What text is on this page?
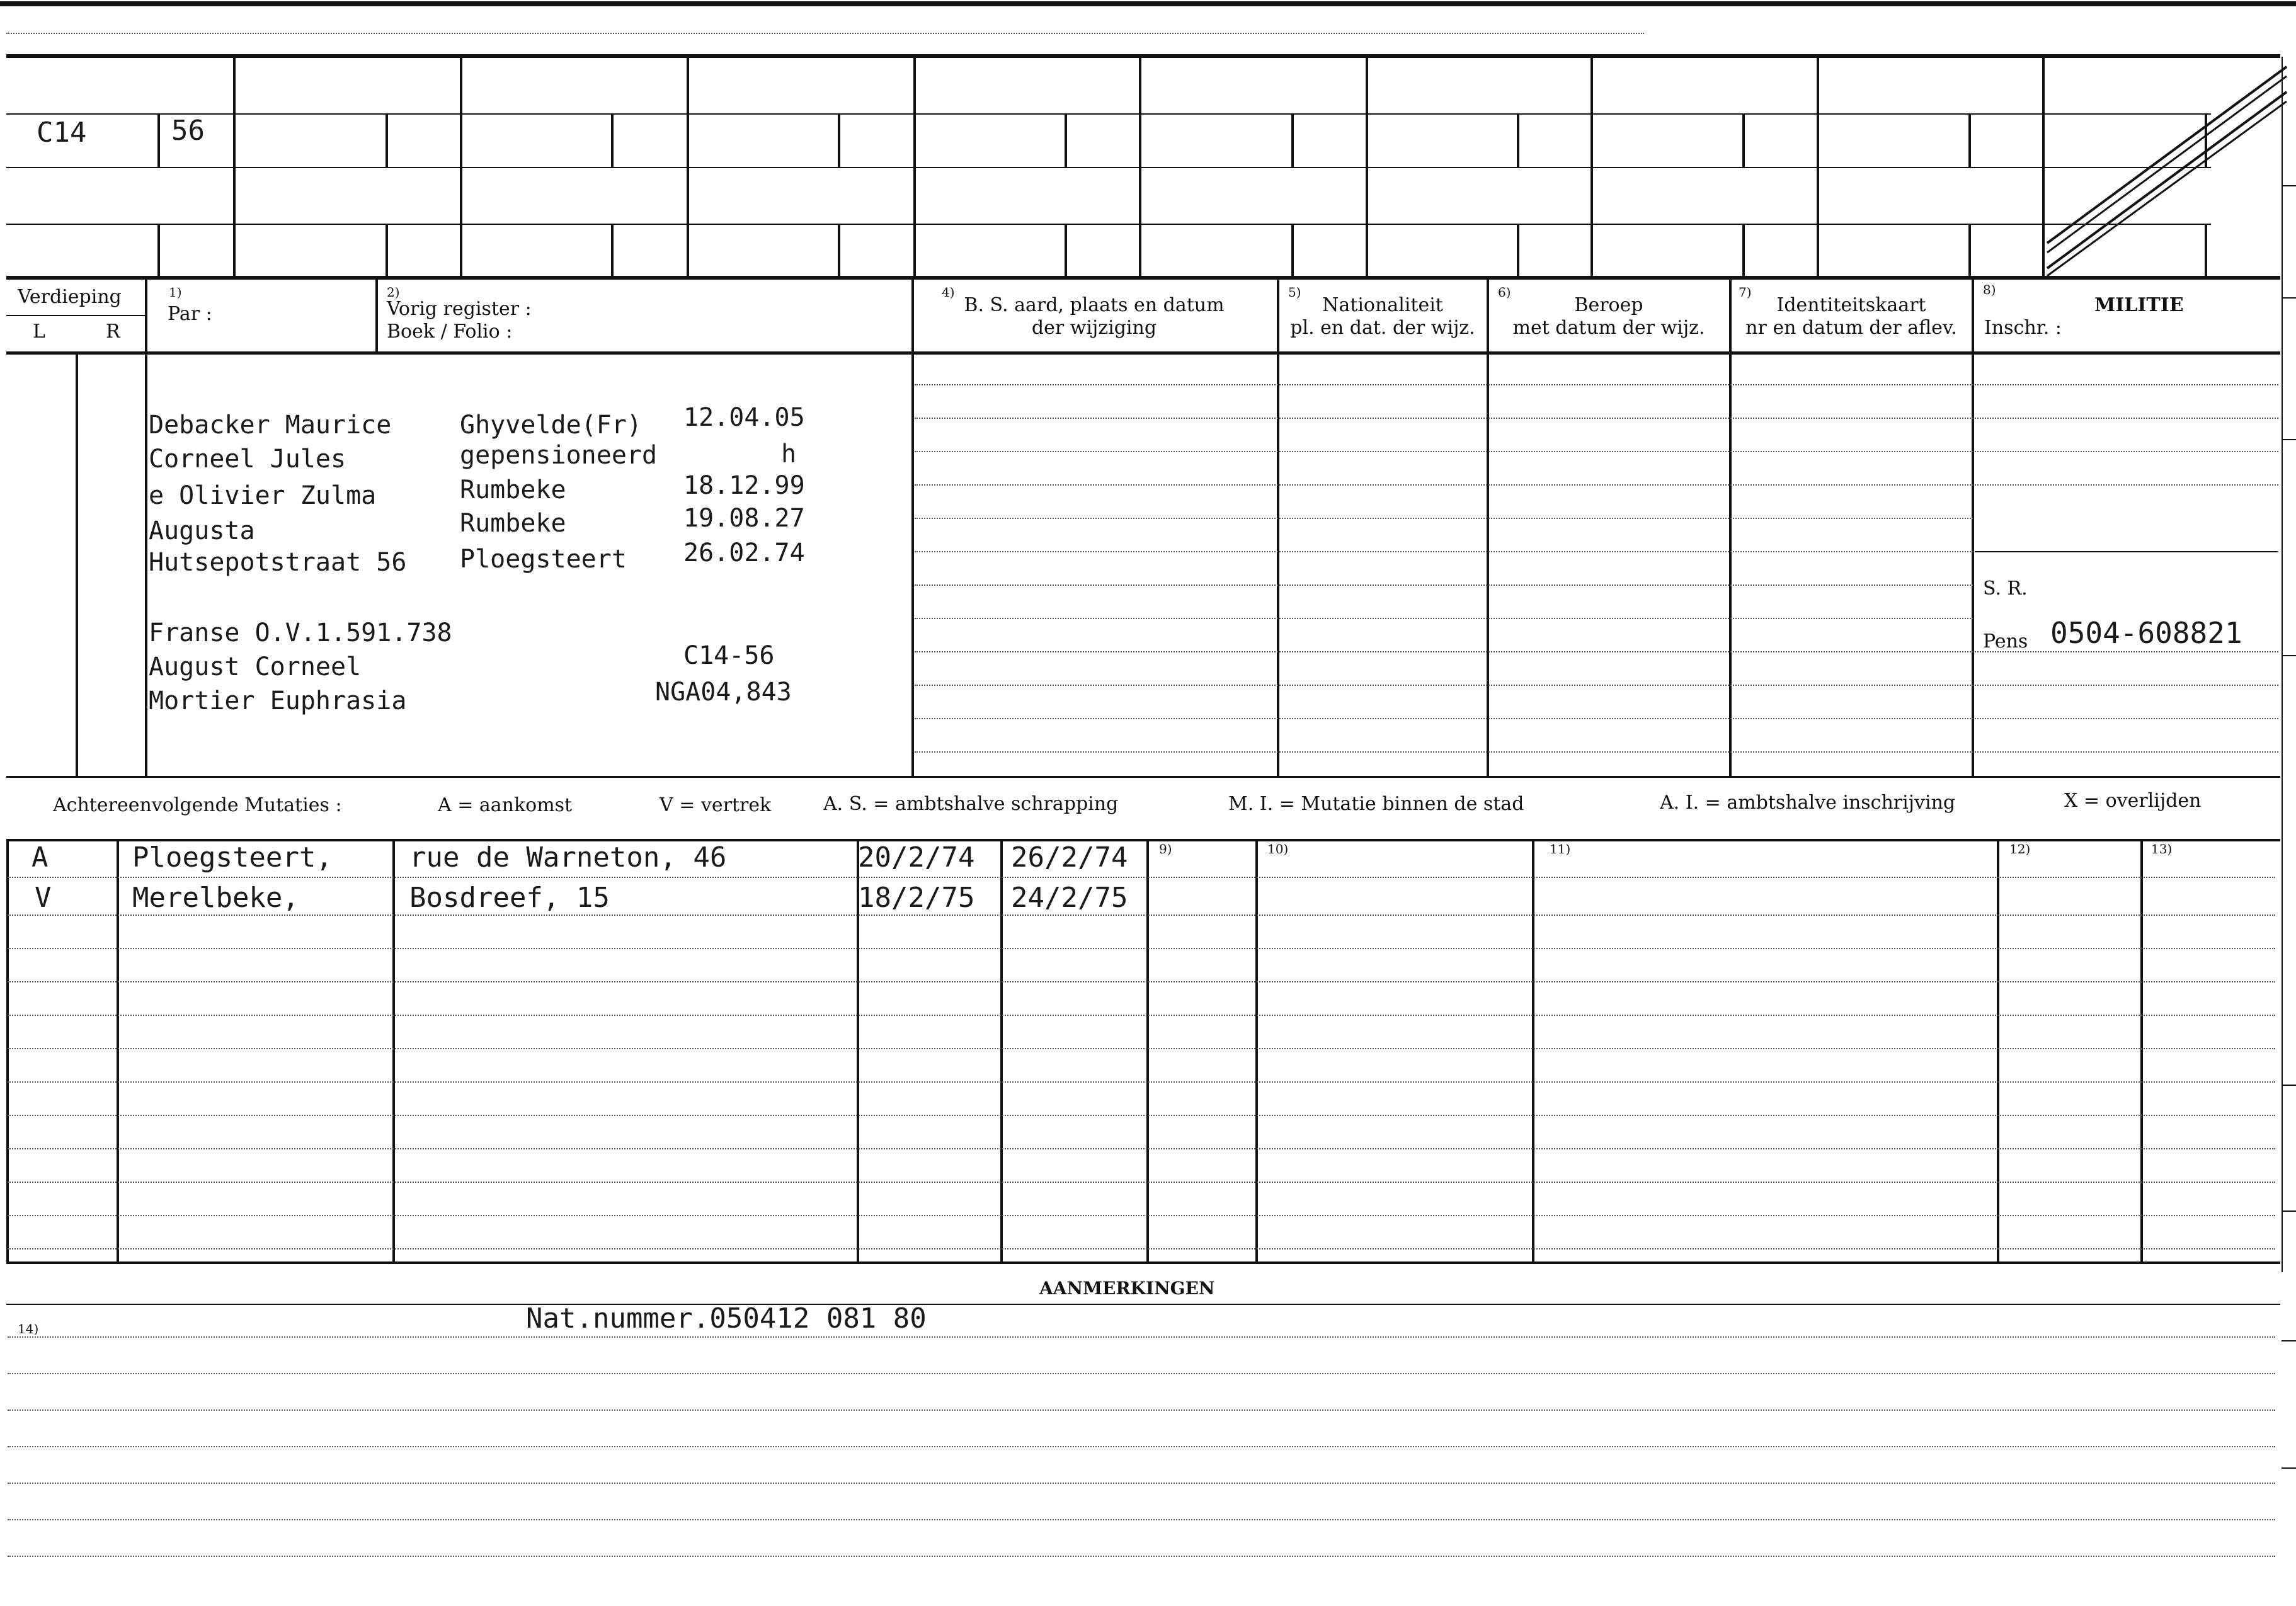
C14	56
Verdieping
L	R
1)
Par :
2)
Vorig register :
Boek / Folio :
4)
B. S. aard, plaats en datum
der wijziging
5)
Nationaliteit
pl. en dat. der wijz.
6)
Beroep
met datum der wijz.
7)
Identiteitskaart
nr en datum der aflev.
8)
MILITIE
Inschr. :
Debacker Maurice	Ghyvelde(Fr) 12.04.05
Corneel Jules	gepensioneerd	h
e Olivier Zulma	Rumbeke	18.12.99
Augusta	Rumbeke	19.08.27
Hutsepotstraat 56 Ploegsteert 26.02.74
Franse O.V.1.591.738
August Corneel	C14-56
Mortier Euphrasia	NGA04,843
S. R.
Pens 0504-608821
Achtereenvolgende Mutaties :	A = aankomst	V = vertrek	A. S. = ambtshalve schrapping	M. I. = Mutatie binnen de stad	A. I. = ambtshalve inschrijving	X = overlijden
9)	10)	11)	12)	13)
A	Ploegsteert,	rue de Warneton, 46	20/2/74 26/2/74
V	Merelbeke,	Bosdreef, 15	18/2/75 24/2/75
AANMERKINGEN
14)	Nat.nummer.050412 081 80
